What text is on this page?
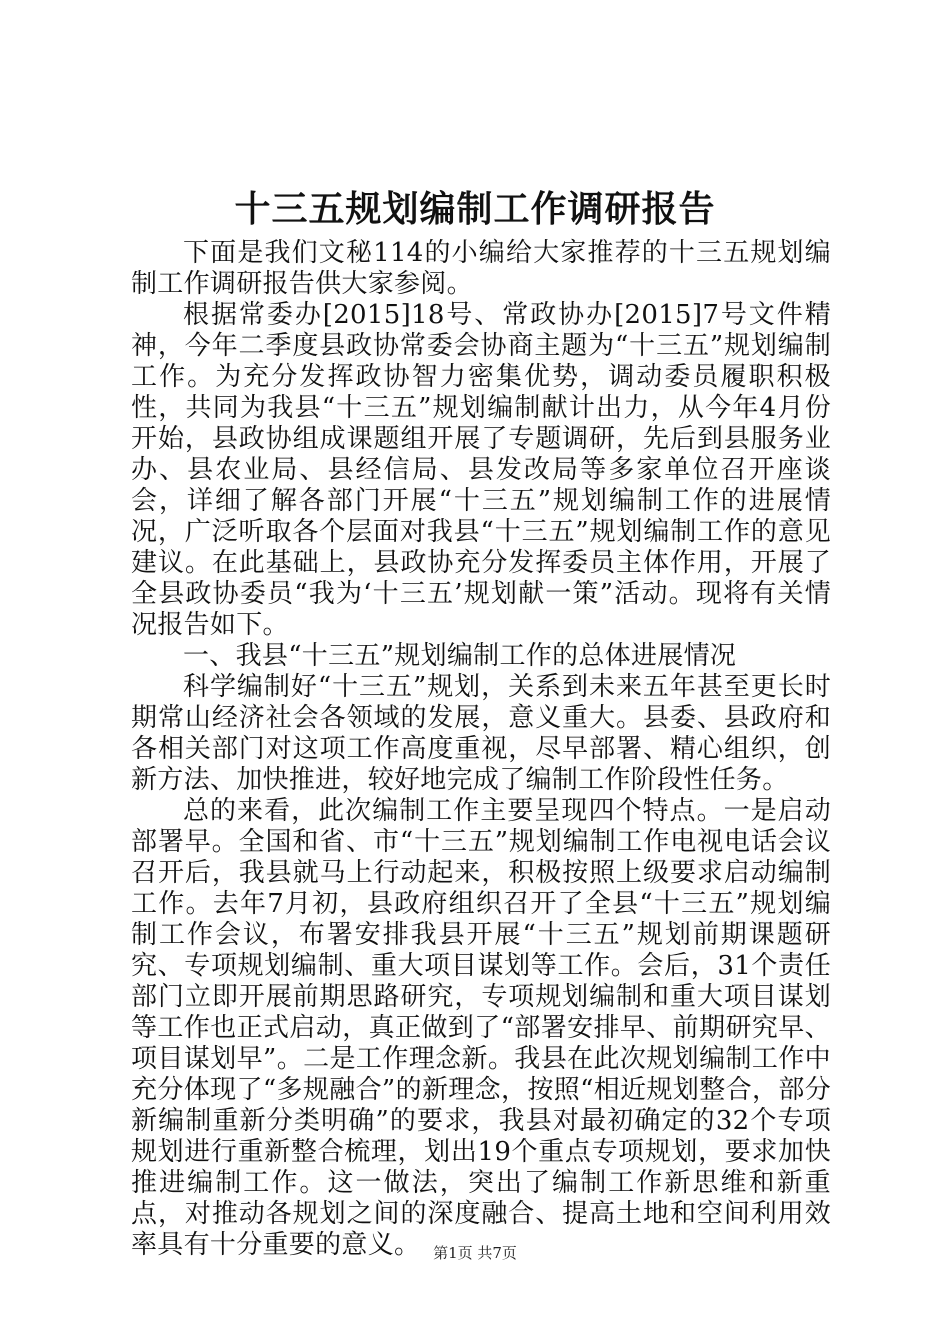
十三五规划编制工作调研报告

下面是我们文秘114的小编给大家推荐的十三五规划编制工作调研报告供大家参阅。

根据常委办[2015]18号、常政协办[2015]7号文件精神，今年二季度县政协常委会协商主题为“十三五”规划编制工作。为充分发挥政协智力密集优势，调动委员履职积极性，共同为我县“十三五”规划编制献计出力，从今年4月份开始，县政协组成课题组开展了专题调研，先后到县服务业办、县农业局、县经信局、县发改局等多家单位召开座谈会，详细了解各部门开展“十三五”规划编制工作的进展情况，广泛听取各个层面对我县“十三五”规划编制工作的意见建议。在此基础上，县政协充分发挥委员主体作用，开展了全县政协委员“我为‘十三五’规划献一策”活动。现将有关情况报告如下。

一、我县“十三五”规划编制工作的总体进展情况

科学编制好“十三五”规划，关系到未来五年甚至更长时期常山经济社会各领域的发展，意义重大。县委、县政府和各相关部门对这项工作高度重视，尽早部署、精心组织，创新方法、加快推进，较好地完成了编制工作阶段性任务。

总的来看，此次编制工作主要呈现四个特点。一是启动部署早。全国和省、市“十三五”规划编制工作电视电话会议召开后，我县就马上行动起来，积极按照上级要求启动编制工作。去年7月初，县政府组织召开了全县“十三五”规划编制工作会议，布署安排我县开展“十三五”规划前期课题研究、专项规划编制、重大项目谋划等工作。会后，31个责任部门立即开展前期思路研究，专项规划编制和重大项目谋划等工作也正式启动，真正做到了“部署安排早、前期研究早、项目谋划早”。二是工作理念新。我县在此次规划编制工作中充分体现了“多规融合”的新理念，按照“相近规划整合，部分新编制重新分类明确”的要求，我县对最初确定的32个专项规划进行重新整合梳理，划出19个重点专项规划，要求加快推进编制工作。这一做法，突出了编制工作新思维和新重点，对推动各规划之间的深度融合、提高土地和空间利用效率具有十分重要的意义。 第1页 共7页
